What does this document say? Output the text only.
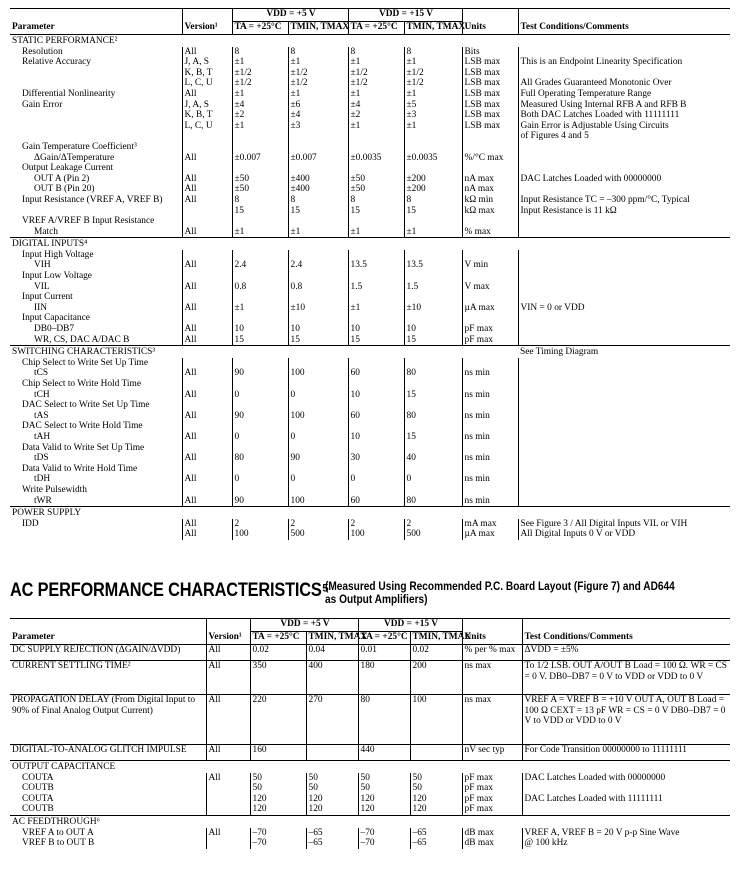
		VDD = +5 V		VDD = +15 V			
Parameter	Version¹	TA = +25°C	TMIN, TMAX	TA = +25°C	TMIN, TMAX	Units	Test Conditions/Comments
STATIC PERFORMANCE²							
Resolution	All	8	8	8	8	Bits	
Relative Accuracy	J, A, S	±1	±1	±1	±1	LSB max	This is an Endpoint Linearity Specification
	K, B, T	±1/2	±1/2	±1/2	±1/2	LSB max	
	L, C, U	±1/2	±1/2	±1/2	±1/2	LSB max	All Grades Guaranteed Monotonic Over
Differential Nonlinearity	All	±1	±1	±1	±1	LSB max	Full Operating Temperature Range

Gain Error	J, A, S	±4	±6	±4	±5	LSB max	Measured Using Internal RFB A and RFB B
	K, B, T	±2	±4	±2	±3	LSB max	Both DAC Latches Loaded with 11111111
	L, C, U	±1	±3	±1	±1	LSB max	Gain Error is Adjustable Using Circuits
							of Figures 4 and 5
Gain Temperature Coefficient³							
ΔGain/ΔTemperature	All	±0.007	±0.007	±0.0035	±0.0035	%/°C max	
Output Leakage Current							
OUT A (Pin 2)	All	±50	±400	±50	±200	nA max	DAC Latches Loaded with 00000000
OUT B (Pin 20)	All	±50	±400	±50	±200	nA max	
Input Resistance (VREF A, VREF B)	All	8	8	8	8	kΩ min	Input Resistance TC = –300 ppm/°C, Typical
		15	15	15	15	kΩ max	Input Resistance is 11 kΩ
VREF A/VREF B Input Resistance							
Match	All	±1	±1	±1	±1	% max	
DIGITAL INPUTS⁴							
Input High Voltage							
VIH	All	2.4	2.4	13.5	13.5	V min	
Input Low Voltage							
VIL	All	0.8	0.8	1.5	1.5	V max	
Input Current							
IIN	All	±1	±10	±1	±10	µA max	VIN = 0 or VDD
Input Capacitance							
DB0–DB7	All	10	10	10	10	pF max	
WR, CS, DAC A/DAC B	All	15	15	15	15	pF max	
SWITCHING CHARACTERISTICS³							See Timing Diagram
Chip Select to Write Set Up Time							
tCS	All	90	100	60	80	ns min	
Chip Select to Write Hold Time							
tCH	All	0	0	10	15	ns min	
DAC Select to Write Set Up Time							
tAS	All	90	100	60	80	ns min	
DAC Select to Write Hold Time							
tAH	All	0	0	10	15	ns min	
Data Valid to Write Set Up Time							
tDS	All	80	90	30	40	ns min	
Data Valid to Write Hold Time							
tDH	All	0	0	0	0	ns min	
Write Pulsewidth							
tWR	All	90	100	60	80	ns min	
POWER SUPPLY							
IDD	All	2	2	2	2	mA max	See Figure 3 / All Digital Inputs VIL or VIH
	All	100	500	100	500	µA max	All Digital Inputs 0 V or VDD
AC PERFORMANCE CHARACTERISTICS⁵
(Measured Using Recommended P.C. Board Layout (Figure 7) and AD644 as Output Amplifiers)
		VDD = +5 V		VDD = +15 V			
Parameter	Version¹	TA = +25°C	TMIN, TMAX	TA = +25°C	TMIN, TMAX	Units	Test Conditions/Comments
DC SUPPLY REJECTION (ΔGAIN/ΔVDD)	All	0.02	0.04	0.01	0.02	% per % max	ΔVDD = ±5%
CURRENT SETTLING TIME²	All	350	400	180	200	ns max	To 1/2 LSB. OUT A/OUT B Load = 100 Ω. WR = CS = 0 V. DB0–DB7 = 0 V to VDD or VDD to 0 V
PROPAGATION DELAY (From Digital Input to 90% of Final Analog Output Current)	All	220	270	80	100	ns max	VREF A = VREF B = +10 V OUT A, OUT B Load = 100 Ω CEXT = 13 pF WR = CS = 0 V DB0–DB7 = 0 V to VDD or VDD to 0 V
DIGITAL-TO-ANALOG GLITCH IMPULSE	All	160		440		nV sec typ	For Code Transition 00000000 to 11111111
OUTPUT CAPACITANCE							
COUTA	All	50	50	50	50	pF max	DAC Latches Loaded with 00000000
COUTB		50	50	50	50	pF max	
COUTA		120	120	120	120	pF max	DAC Latches Loaded with 11111111
COUTB		120	120	120	120	pF max	
AC FEEDTHROUGH⁶							
VREF A to OUT A	All	–70	–65	–70	–65	dB max	VREF A, VREF B = 20 V p-p Sine Wave
VREF B to OUT B		–70	–65	–70	–65	dB max	@ 100 kHz
